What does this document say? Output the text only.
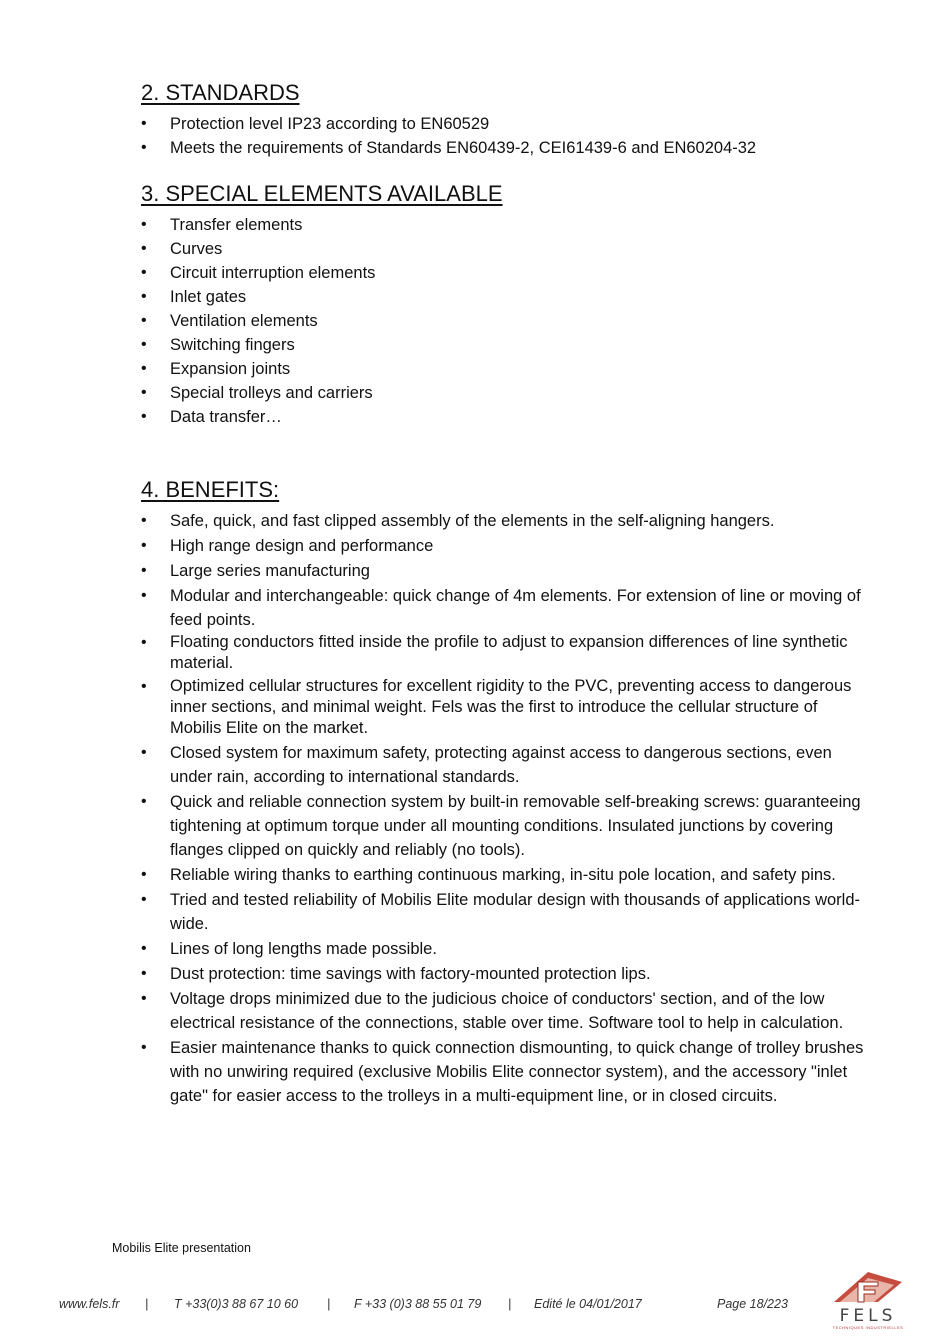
2. STANDARDS
• Protection level IP23 according to EN60529
• Meets the requirements of Standards EN60439-2, CEI61439-6 and EN60204-32
3. SPECIAL ELEMENTS AVAILABLE
• Transfer elements
• Curves
• Circuit interruption elements
• Inlet gates
• Ventilation elements
• Switching fingers
• Expansion joints
• Special trolleys and carriers
• Data transfer…
4. BENEFITS:
• Safe, quick, and fast clipped assembly of the elements in the self-aligning hangers.
• High range design and performance
• Large series manufacturing
• Modular and interchangeable: quick change of 4m elements. For extension of line or moving of feed points.
• Floating conductors fitted inside the profile to adjust to expansion differences of line synthetic material.
• Optimized cellular structures for excellent rigidity to the PVC, preventing access to dangerous inner sections, and minimal weight. Fels was the first to introduce the cellular structure of Mobilis Elite on the market.
• Closed system for maximum safety, protecting against access to dangerous sections, even under rain, according to international standards.
• Quick and reliable connection system by built-in removable self-breaking screws: guaranteeing tightening at optimum torque under all mounting conditions. Insulated junctions by covering flanges clipped on quickly and reliably (no tools).
• Reliable wiring thanks to earthing continuous marking, in-situ pole location, and safety pins.
• Tried and tested reliability of Mobilis Elite modular design with thousands of applications world-wide.
• Lines of long lengths made possible.
• Dust protection: time savings with factory-mounted protection lips.
• Voltage drops minimized due to the judicious choice of conductors' section, and of the low electrical resistance of the connections, stable over time. Software tool to help in calculation.
• Easier maintenance thanks to quick connection dismounting, to quick change of trolley brushes with no unwiring required (exclusive Mobilis Elite connector system), and the accessory "inlet gate" for easier access to the trolleys in a multi-equipment line, or in closed circuits.
Mobilis Elite presentation
www.fels.fr | T +33(0)3 88 67 10 60 | F +33 (0)3 88 55 01 79 | Edité le 04/01/2017	Page 18/223
FELS
TECHNIQUES INDUSTRIELLES
